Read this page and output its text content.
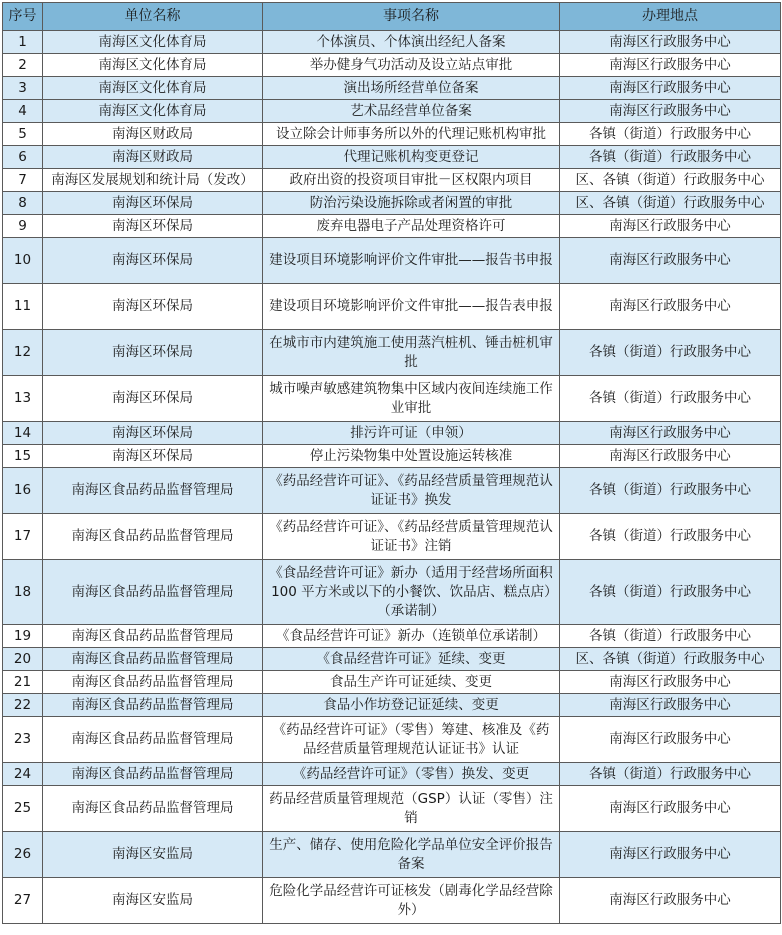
序号	单位名称	事项名称	办理地点
1	南海区文化体育局	个体演员、个体演出经纪人备案	南海区行政服务中心
2	南海区文化体育局	举办健身气功活动及设立站点审批	南海区行政服务中心
3	南海区文化体育局	演出场所经营单位备案	南海区行政服务中心
4	南海区文化体育局	艺术品经营单位备案	南海区行政服务中心
5	南海区财政局	设立除会计师事务所以外的代理记账机构审批	各镇（街道）行政服务中心
6	南海区财政局	代理记账机构变更登记	各镇（街道）行政服务中心
7	南海区发展规划和统计局（发改）	政府出资的投资项目审批－区权限内项目	区、各镇（街道）行政服务中心
8	南海区环保局	防治污染设施拆除或者闲置的审批	区、各镇（街道）行政服务中心
9	南海区环保局	废弃电器电子产品处理资格许可	南海区行政服务中心
10	南海区环保局	建设项目环境影响评价文件审批——报告书申报	南海区行政服务中心
11	南海区环保局	建设项目环境影响评价文件审批——报告表申报	南海区行政服务中心
12	南海区环保局	在城市市内建筑施工使用蒸汽桩机、锤击桩机审批	各镇（街道）行政服务中心
13	南海区环保局	城市噪声敏感建筑物集中区域内夜间连续施工作业审批	各镇（街道）行政服务中心
14	南海区环保局	排污许可证（申领）	南海区行政服务中心
15	南海区环保局	停止污染物集中处置设施运转核准	南海区行政服务中心
16	南海区食品药品监督管理局	《药品经营许可证》、《药品经营质量管理规范认证证书》换发	各镇（街道）行政服务中心
17	南海区食品药品监督管理局	《药品经营许可证》、《药品经营质量管理规范认证证书》注销	各镇（街道）行政服务中心
18	南海区食品药品监督管理局	《食品经营许可证》新办（适用于经营场所面积 100 平方米或以下的小餐饮、饮品店、糕点店）（承诺制）	各镇（街道）行政服务中心
19	南海区食品药品监督管理局	《食品经营许可证》新办（连锁单位承诺制）	各镇（街道）行政服务中心
20	南海区食品药品监督管理局	《食品经营许可证》延续、变更	区、各镇（街道）行政服务中心
21	南海区食品药品监督管理局	食品生产许可证延续、变更	南海区行政服务中心
22	南海区食品药品监督管理局	食品小作坊登记证延续、变更	南海区行政服务中心
23	南海区食品药品监督管理局	《药品经营许可证》（零售）筹建、核准及《药品经营质量管理规范认证证书》认证	南海区行政服务中心
24	南海区食品药品监督管理局	《药品经营许可证》（零售）换发、变更	各镇（街道）行政服务中心
25	南海区食品药品监督管理局	药品经营质量管理规范（GSP）认证（零售）注销	南海区行政服务中心
26	南海区安监局	生产、储存、使用危险化学品单位安全评价报告备案	南海区行政服务中心
27	南海区安监局	危险化学品经营许可证核发（剧毒化学品经营除外）	南海区行政服务中心
